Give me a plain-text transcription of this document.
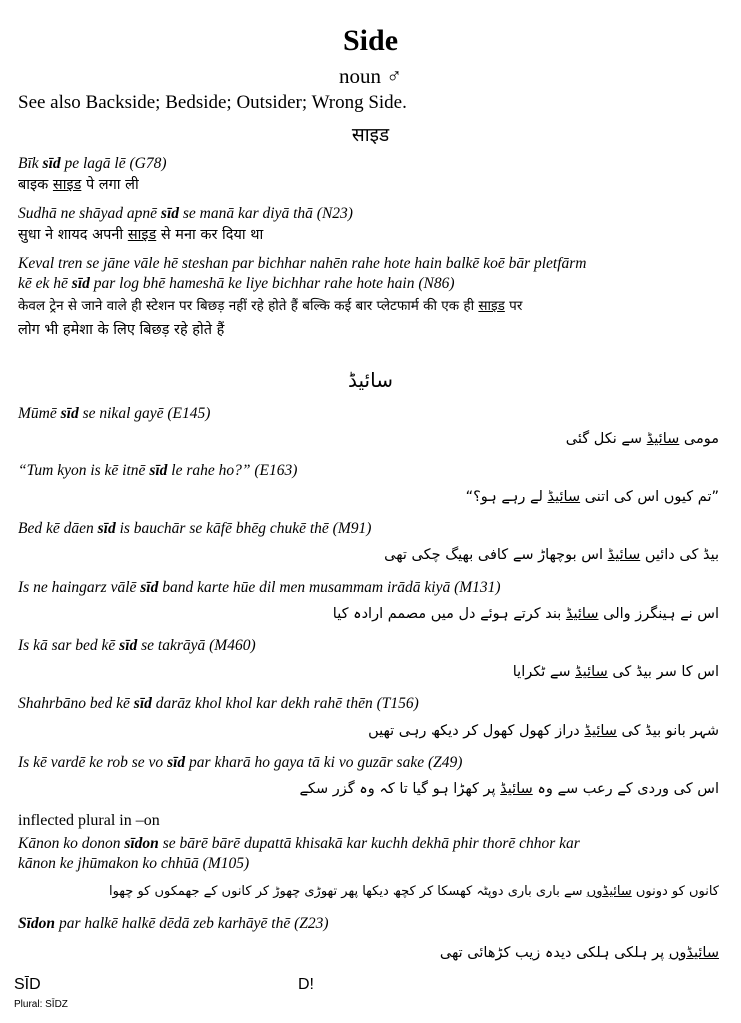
Side
noun ♂
See also Backside; Bedside; Outsider; Wrong Side.
साइड
Bīk sīd pe lagā lē (G78)
बाइक साइड पे लगा ली
Sudhā ne shāyad apnē sīd se manā kar diyā thā (N23)
सुधा ने शायद अपनी साइड से मना कर दिया था
Keval tren se jāne vāle hē steshan par bichhar nahēn rahe hote hain balkē koē bār pletfārm
kē ek hē sīd par log bhē hameshā ke liye bichhar rahe hote hain (N86)
केवल ट्रेन से जाने वाले ही स्टेशन पर बिछड़ नहीं रहे होते हैं बल्कि कई बार प्लेटफार्म की एक ही साइड पर
लोग भी हमेशा के लिए बिछड़ रहे होते हैं
سائیڈ
Mūmē sīd se nikal gayē (E145)
مومی سائیڈ سے نکل گئی
“Tum kyon is kē itnē sīd le rahe ho?” (E163)
”تم کیوں اس کی اتنی سائیڈ لے رہے ہو؟“
Bed kē dāen sīd is bauchār se kāfē bhēg chukē thē (M91)
بیڈ کی دائیں سائیڈ اس بوچھاڑ سے کافی بھیگ چکی تھی
Is ne haingarz vālē sīd band karte hūe dil men musammam irādā kiyā (M131)
اس نے ہینگرز والی سائیڈ بند کرتے ہوئے دل میں مصمم ارادہ کیا
Is kā sar bed kē sīd se takrāyā (M460)
اس کا سر بیڈ کی سائیڈ سے ٹکرایا
Shahrbāno bed kē sīd darāz khol khol kar dekh rahē thēn (T156)
شہر بانو بیڈ کی سائیڈ دراز کھول کھول کر دیکھ رہی تھیں
Is kē vardē ke rob se vo sīd par kharā ho gaya tā ki vo guzār sake (Z49)
اس کی وردی کے رعب سے وہ سائیڈ پر کھڑا ہو گیا تا کہ وہ گزر سکے
inflected plural in –on
Kānon ko donon sīdon se bārē bārē dupattā khisakā kar kuchh dekhā phir thorē chhor kar
kānon ke jhūmakon ko chhūā (M105)
کانوں کو دونوں سائیڈوں سے باری باری دوپٹہ کھسکا کر کچھ دیکھا پھر تھوڑی چھوڑ کر کانوں کے جھمکوں کو چھوا
Sīdon par halkē halkē dēdā zeb karhāyē thē (Z23)
سائیڈوں پر ہلکی ہلکی دیدہ زیب کڑھائی تھی
SĪD	D!
Plural: SĪDZ
